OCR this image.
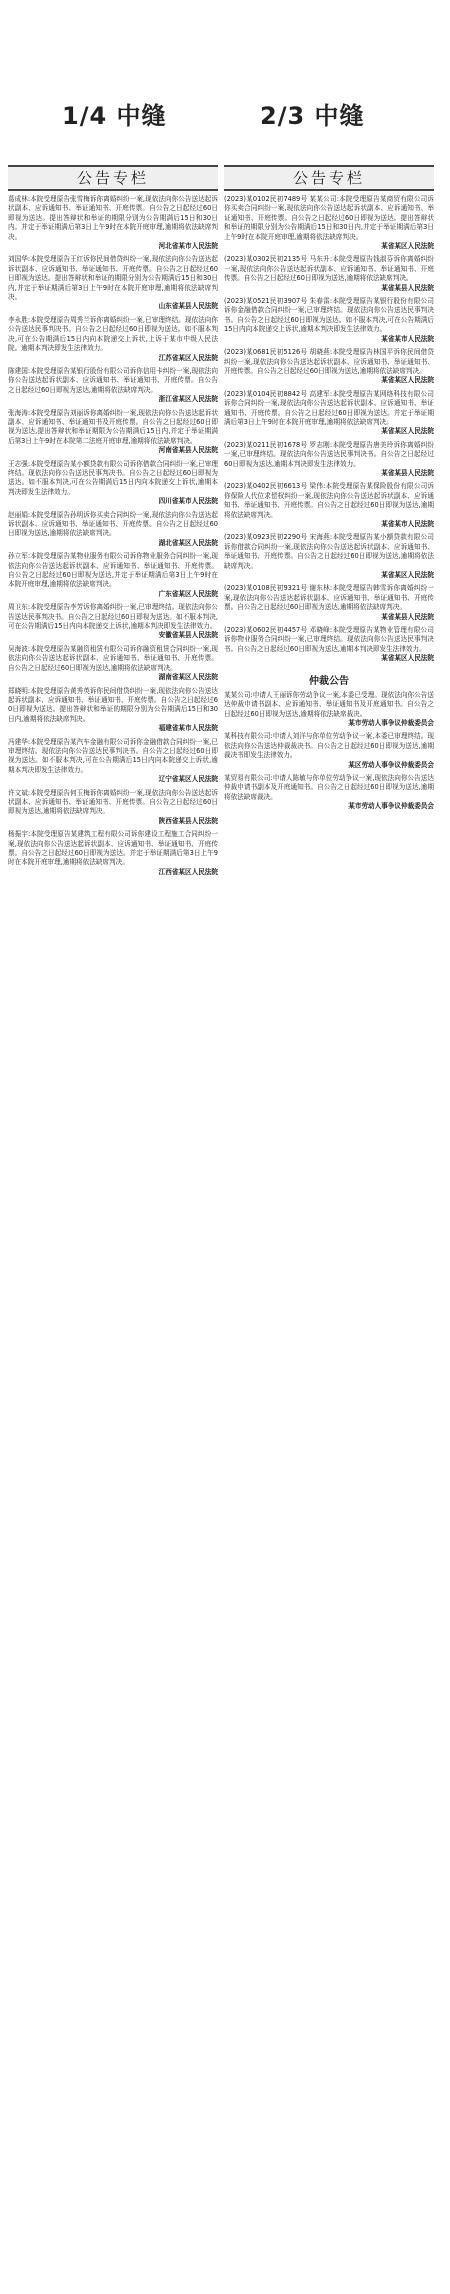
1/4 中缝	2/3 中缝
公告专栏

葛成林:本院受理原告张雪梅诉你离婚纠纷一案,现依法向你公告送达起诉状副本、应诉通知书、举证通知书、开庭传票。自公告之日起经过60日即视为送达。提出答辩状和举证的期限分别为公告期满后15日和30日内。并定于举证期满后第3日上午9时在本院开庭审理,逾期将依法缺席判决。
河北省某市人民法院

刘国华:本院受理原告王红诉你民间借贷纠纷一案,现依法向你公告送达起诉状副本、应诉通知书、举证通知书、开庭传票。自公告之日起经过60日即视为送达。提出答辩状和举证的期限分别为公告期满后15日和30日内,并定于举证期满后第3日上午9时在本院开庭审理,逾期将依法缺席判决。
山东省某县人民法院

李永胜:本院受理原告周秀兰诉你离婚纠纷一案,已审理终结。现依法向你公告送达民事判决书。自公告之日起经过60日即视为送达。如不服本判决,可在公告期满后15日内向本院递交上诉状,上诉于某市中级人民法院。逾期本判决即发生法律效力。
江苏省某区人民法院

陈建国:本院受理原告某银行股份有限公司诉你信用卡纠纷一案,现依法向你公告送达起诉状副本、应诉通知书、举证通知书、开庭传票。自公告之日起经过60日即视为送达,逾期将依法缺席判决。
浙江省某区人民法院

张海涛:本院受理原告刘丽诉你离婚纠纷一案,现依法向你公告送达起诉状副本、应诉通知书、举证通知书及开庭传票。自公告之日起经过60日即视为送达,提出答辩状和举证期限为公告期满后15日内,并定于举证期满后第3日上午9时在本院第二法庭开庭审理,逾期将依法缺席判决。
河南省某县人民法院

王志强:本院受理原告某小额贷款有限公司诉你借款合同纠纷一案,已审理终结。现依法向你公告送达民事判决书。自公告之日起经过60日即视为送达。如不服本判决,可在公告期满后15日内向本院递交上诉状,逾期本判决即发生法律效力。
四川省某市人民法院

赵丽娟:本院受理原告孙明诉你买卖合同纠纷一案,现依法向你公告送达起诉状副本、应诉通知书、举证通知书、开庭传票。自公告之日起经过60日即视为送达,逾期将依法缺席判决。
湖北省某区人民法院

孙立军:本院受理原告某物业服务有限公司诉你物业服务合同纠纷一案,现依法向你公告送达起诉状副本、应诉通知书、举证通知书、开庭传票。自公告之日起经过60日即视为送达,并定于举证期满后第3日上午9时在本院开庭审理,逾期将依法缺席判决。
广东省某区人民法院

周卫东:本院受理原告李芳诉你离婚纠纷一案,已审理终结。现依法向你公告送达民事判决书。自公告之日起经过60日即视为送达。如不服本判决,可在公告期满后15日内向本院递交上诉状,逾期本判决即发生法律效力。
安徽省某县人民法院

吴海波:本院受理原告某融资租赁有限公司诉你融资租赁合同纠纷一案,现依法向你公告送达起诉状副本、应诉通知书、举证通知书、开庭传票。自公告之日起经过60日即视为送达,逾期将依法缺席判决。
湖南省某区人民法院

郑晓明:本院受理原告黄秀英诉你民间借贷纠纷一案,现依法向你公告送达起诉状副本、应诉通知书、举证通知书、开庭传票。自公告之日起经过60日即视为送达。提出答辩状和举证的期限分别为公告期满后15日和30日内,逾期将依法缺席判决。
福建省某市人民法院

冯建华:本院受理原告某汽车金融有限公司诉你金融借款合同纠纷一案,已审理终结。现依法向你公告送达民事判决书。自公告之日起经过60日即视为送达。如不服本判决,可在公告期满后15日内向本院递交上诉状,逾期本判决即发生法律效力。
辽宁省某区人民法院

许文斌:本院受理原告何玉梅诉你离婚纠纷一案,现依法向你公告送达起诉状副本、应诉通知书、举证通知书、开庭传票。自公告之日起经过60日即视为送达,逾期将依法缺席判决。
陕西省某县人民法院

杨振宇:本院受理原告某建筑工程有限公司诉你建设工程施工合同纠纷一案,现依法向你公告送达起诉状副本、应诉通知书、举证通知书、开庭传票。自公告之日起经过60日即视为送达。并定于举证期满后第3日上午9时在本院开庭审理,逾期将依法缺席判决。
江西省某区人民法院

公告专栏

(2023)某0102民初7489号 某某公司:本院受理原告某商贸有限公司诉你买卖合同纠纷一案,现依法向你公告送达起诉状副本、应诉通知书、举证通知书、开庭传票。自公告之日起经过60日即视为送达。提出答辩状和举证的期限分别为公告期满后15日和30日内,并定于举证期满后第3日上午9时在本院开庭审理,逾期将依法缺席判决。
某省某区人民法院

(2023)某0302民初2135号 马东升:本院受理原告钱淑芬诉你离婚纠纷一案,现依法向你公告送达起诉状副本、应诉通知书、举证通知书、开庭传票。自公告之日起经过60日即视为送达,逾期将依法缺席判决。
某省某县人民法院

(2023)某0521民初3907号 朱春雷:本院受理原告某银行股份有限公司诉你金融借款合同纠纷一案,已审理终结。现依法向你公告送达民事判决书。自公告之日起经过60日即视为送达。如不服本判决,可在公告期满后15日内向本院递交上诉状,逾期本判决即发生法律效力。
某省某市人民法院

(2023)某0681民初5126号 胡晓燕:本院受理原告林国平诉你民间借贷纠纷一案,现依法向你公告送达起诉状副本、应诉通知书、举证通知书、开庭传票。自公告之日起经过60日即视为送达,逾期将依法缺席判决。
某省某区人民法院

(2023)某0104民初8842号 高建军:本院受理原告某网络科技有限公司诉你合同纠纷一案,现依法向你公告送达起诉状副本、应诉通知书、举证通知书、开庭传票。自公告之日起经过60日即视为送达。并定于举证期满后第3日上午9时在本院开庭审理,逾期将依法缺席判决。
某省某区人民法院

(2023)某0211民初1678号 罗志刚:本院受理原告唐美玲诉你离婚纠纷一案,已审理终结。现依法向你公告送达民事判决书。自公告之日起经过60日即视为送达,逾期本判决即发生法律效力。
某省某县人民法院

(2023)某0402民初6613号 梁伟:本院受理原告某保险股份有限公司诉你保险人代位求偿权纠纷一案,现依法向你公告送达起诉状副本、应诉通知书、举证通知书、开庭传票。自公告之日起经过60日即视为送达,逾期将依法缺席判决。
某省某市人民法院

(2023)某0923民初2290号 宋海燕:本院受理原告某小额贷款有限公司诉你借款合同纠纷一案,现依法向你公告送达起诉状副本、应诉通知书、举证通知书、开庭传票。自公告之日起经过60日即视为送达,逾期将依法缺席判决。
某省某区人民法院

(2023)某0108民初9321号 谢东林:本院受理原告韩雪诉你离婚纠纷一案,现依法向你公告送达起诉状副本、应诉通知书、举证通知书、开庭传票。自公告之日起经过60日即视为送达,逾期将依法缺席判决。
某省某县人民法院

(2023)某0602民初4457号 邓晓峰:本院受理原告某物业管理有限公司诉你物业服务合同纠纷一案,已审理终结。现依法向你公告送达民事判决书。自公告之日起经过60日即视为送达,逾期本判决即发生法律效力。
某省某区人民法院

仲裁公告

某某公司:申请人王丽诉你劳动争议一案,本委已受理。现依法向你公告送达仲裁申请书副本、应诉通知书、举证通知书及开庭通知书。自公告之日起经过60日即视为送达,逾期将依法缺席裁决。
某市劳动人事争议仲裁委员会

某科技有限公司:申请人刘洋与你单位劳动争议一案,本委已审理终结。现依法向你公告送达仲裁裁决书。自公告之日起经过60日即视为送达,逾期裁决书即发生法律效力。
某区劳动人事争议仲裁委员会

某贸易有限公司:申请人陈敏与你单位劳动争议一案,现依法向你公告送达仲裁申请书副本及开庭通知书。自公告之日起经过60日即视为送达,逾期将依法缺席裁决。
某市劳动人事争议仲裁委员会
